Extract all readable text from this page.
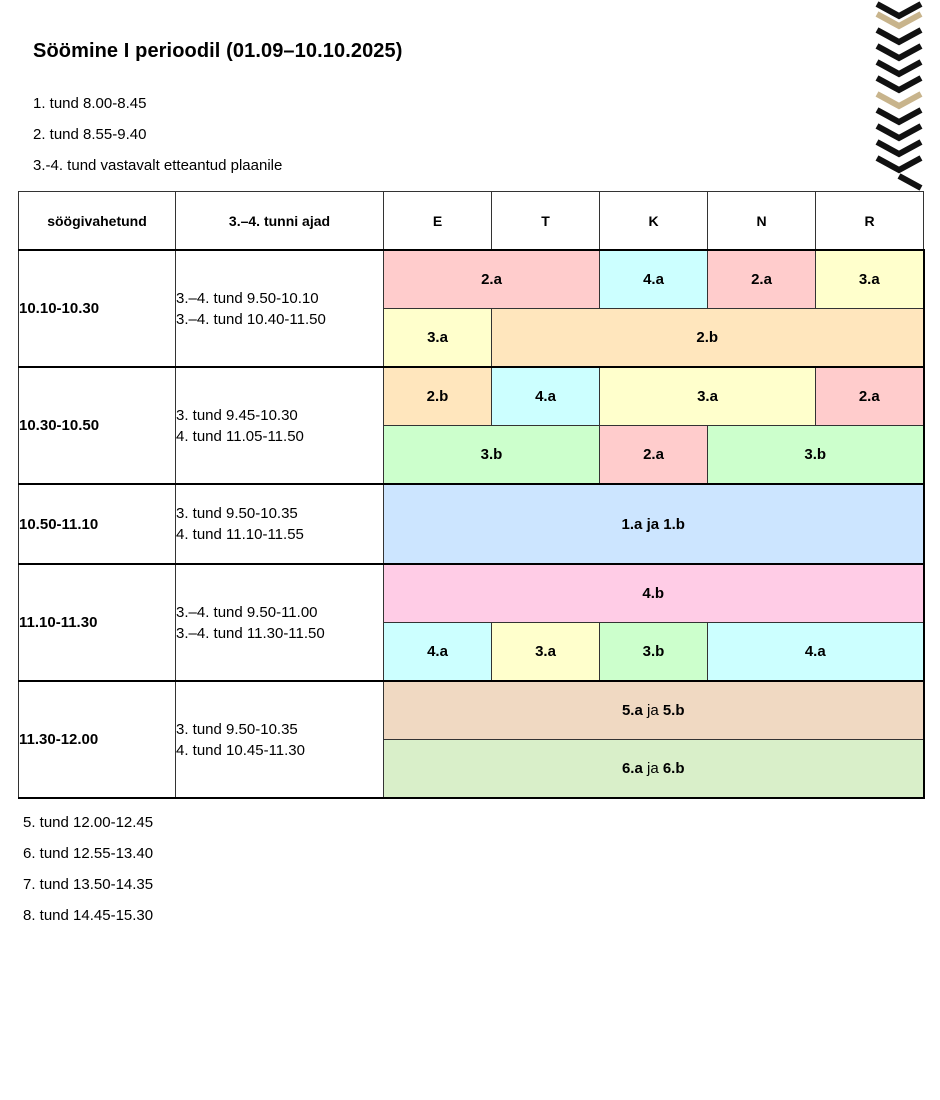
Söömine I perioodil (01.09–10.10.2025)
1. tund 8.00-8.45
2. tund 8.55-9.40
3.-4. tund vastavalt etteantud plaanile
söögivahetund	3.–4. tunni ajad	E	T	K	N	R
10.10-10.30	3.–4. tund 9.50-10.10
3.–4. tund 10.40-11.50	2.a		4.a	2.a	3.a
		3.a	2.b			
10.30-10.50	3. tund 9.45-10.30
4. tund 11.05-11.50	2.b	4.a	3.a		2.a
		3.b		2.a	3.b	
10.50-11.10	3. tund 9.50-10.35
4. tund 11.10-11.55	1.a ja 1.b				
11.10-11.30	3.–4. tund 9.50-11.00
3.–4. tund 11.30-11.50	4.b				
		4.a	3.a	3.b	4.a	
11.30-12.00	3. tund 9.50-10.35
4. tund 10.45-11.30	5.a ja 5.b				
		6.a ja 6.b				
5. tund 12.00-12.45
6. tund 12.55-13.40
7. tund 13.50-14.35
8. tund 14.45-15.30
